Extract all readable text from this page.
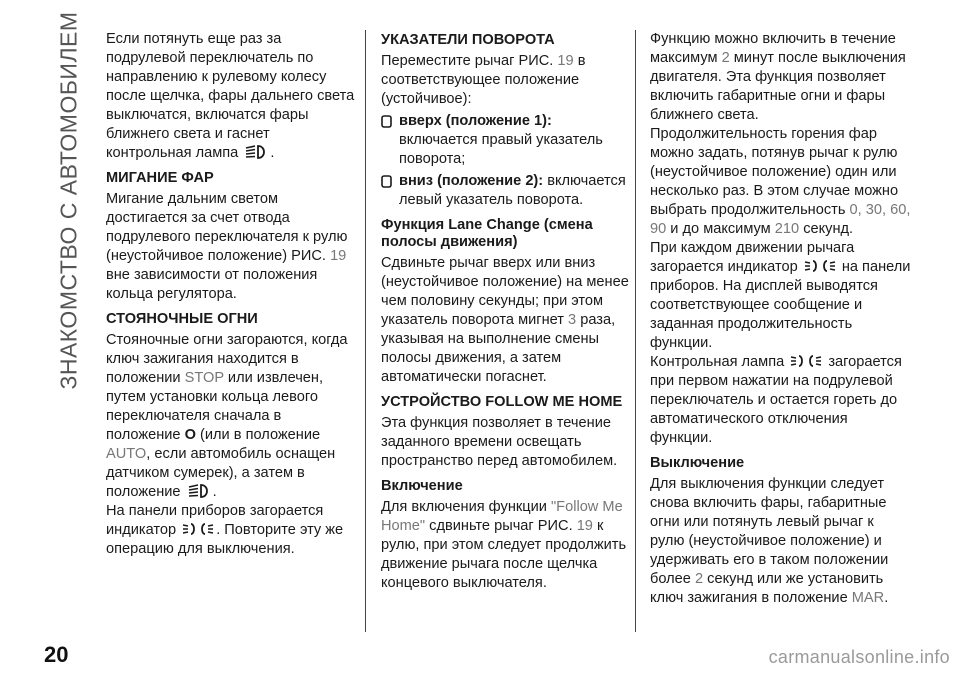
ЗНАКОМСТВО С АВТОМОБИЛЕМ
20

Если потянуть еще раз за подрулевой переключатель по направлению к рулевому колесу после щелчка, фары дальнего света выключатся, включатся фары ближнего света и гаснет контрольная лампа .

МИГАНИЕ ФАР

Мигание дальним светом достигается за счет отвода подрулевого переключателя к рулю (неустойчивое положение) РИС. 19 вне зависимости от положения кольца регулятора.

СТОЯНОЧНЫЕ ОГНИ

Стояночные огни загораются, когда ключ зажигания находится в положении STOP или извлечен, путем установки кольца левого переключателя сначала в положение O (или в положение AUTO, если автомобиль оснащен датчиком сумерек), а затем в положение .

На панели приборов загорается индикатор	. Повторите эту же операцию для выключения.

УКАЗАТЕЛИ ПОВОРОТА

Переместите рычаг РИС. 19 в соответствующее положение (устойчивое):

вверх (положение 1): включается правый указатель поворота;
вниз (положение 2): включается левый указатель поворота.
Функция Lane Change (смена полосы движения)

Сдвиньте рычаг вверх или вниз (неустойчивое положение) на менее чем половину секунды; при этом указатель поворота мигнет 3 раза, указывая на выполнение смены полосы движения, а затем автоматически погаснет.

УСТРОЙСТВО FOLLOW ME HOME

Эта функция позволяет в течение заданного времени освещать пространство перед автомобилем.

Включение

Для включения функции "Follow Me Home" сдвиньте рычаг РИС. 19 к рулю, при этом следует продолжить движение рычага после щелчка концевого выключателя.

Функцию можно включить в течение максимум 2 минут после выключения двигателя. Эта функция позволяет включить габаритные огни и фары ближнего света.

Продолжительность горения фар можно задать, потянув рычаг к рулю (неустойчивое положение) один или несколько раз. В этом случае можно выбрать продолжительность 0, 30, 60, 90 и до максимум 210 секунд.

При каждом движении рычага загорается индикатор	на панели приборов. На дисплей выводятся соответствующее сообщение и заданная продолжительность функции.

Контрольная лампа	загорается при первом нажатии на подрулевой переключатель и остается гореть до автоматического отключения функции.

Выключение

Для выключения функции следует снова включить фары, габаритные огни или потянуть левый рычаг к рулю (неустойчивое положение) и удерживать его в таком положении более 2 секунд или же установить ключ зажигания в положение MAR.

carmanualsonline.info
